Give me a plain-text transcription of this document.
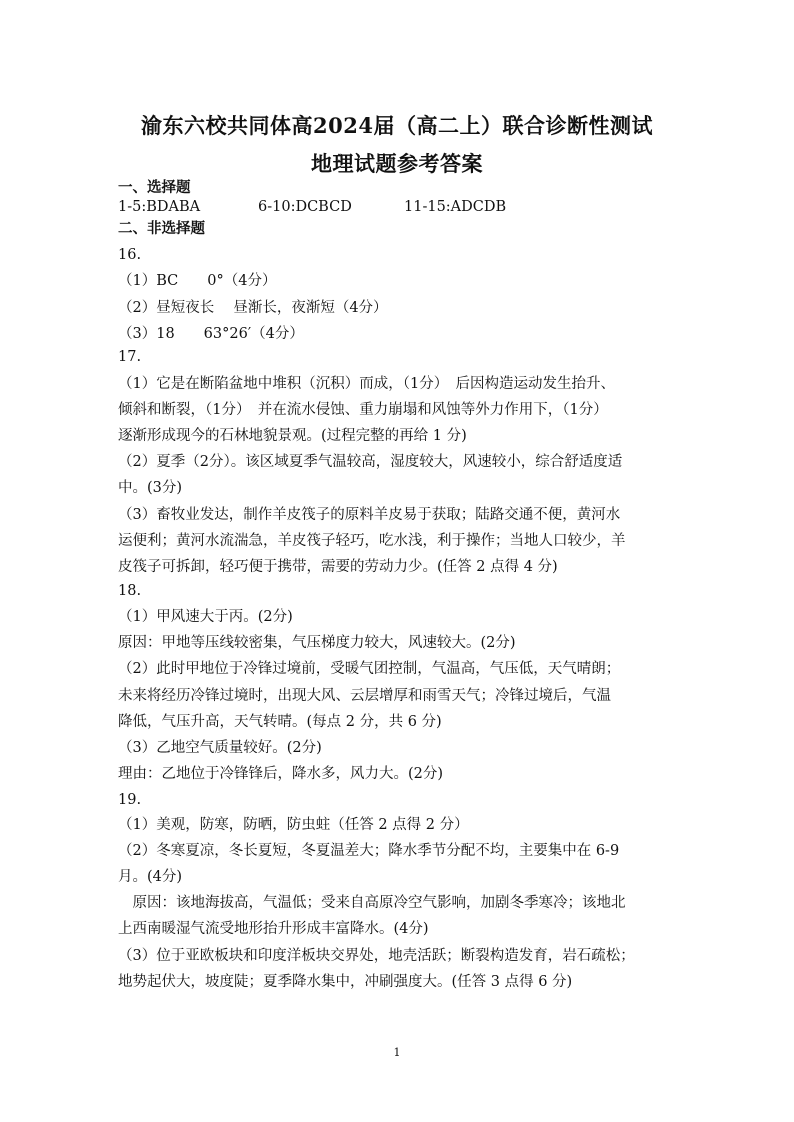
渝东六校共同体高2024届（高二上）联合诊断性测试
地理试题参考答案
一、选择题
1-5:BDABA	6-10:DCBCD	11-15:ADCDB
二、非选择题
16.
（1）BC　　0°（4分）
（2）昼短夜长　 昼渐长，夜渐短（4分）
（3）18　　63°26′（4分）
17.
（1）它是在断陷盆地中堆积（沉积）而成，（1分）　后因构造运动发生抬升、
倾斜和断裂，（1分）　并在流水侵蚀、重力崩塌和风蚀等外力作用下，（1分）
逐渐形成现今的石林地貌景观。(过程完整的再给 1 分)
（2）夏季（2分）。该区域夏季气温较高，湿度较大，风速较小，综合舒适度适
中。(3分)
（3）畜牧业发达，制作羊皮筏子的原料羊皮易于获取；陆路交通不便，黄河水
运便利；黄河水流湍急，羊皮筏子轻巧，吃水浅，利于操作；当地人口较少，羊
皮筏子可拆卸，轻巧便于携带，需要的劳动力少。(任答 2 点得 4 分)
18.
（1）甲风速大于丙。(2分)
原因：甲地等压线较密集，气压梯度力较大，风速较大。(2分)
（2）此时甲地位于冷锋过境前，受暖气团控制，气温高，气压低，天气晴朗；
未来将经历冷锋过境时，出现大风、云层增厚和雨雪天气；冷锋过境后，气温
降低，气压升高，天气转晴。(每点 2 分，共 6 分)
（3）乙地空气质量较好。(2分)
理由：乙地位于冷锋锋后，降水多，风力大。(2分)
19.
（1）美观，防寒，防晒，防虫蛀（任答 2 点得 2 分）
（2）冬寒夏凉，冬长夏短，冬夏温差大；降水季节分配不均，主要集中在 6-9
月。(4分)
　原因：该地海拔高，气温低；受来自高原冷空气影响，加剧冬季寒冷；该地北
上西南暖湿气流受地形抬升形成丰富降水。(4分)
（3）位于亚欧板块和印度洋板块交界处，地壳活跃；断裂构造发育，岩石疏松；
地势起伏大，坡度陡；夏季降水集中，冲刷强度大。(任答 3 点得 6 分)
1
